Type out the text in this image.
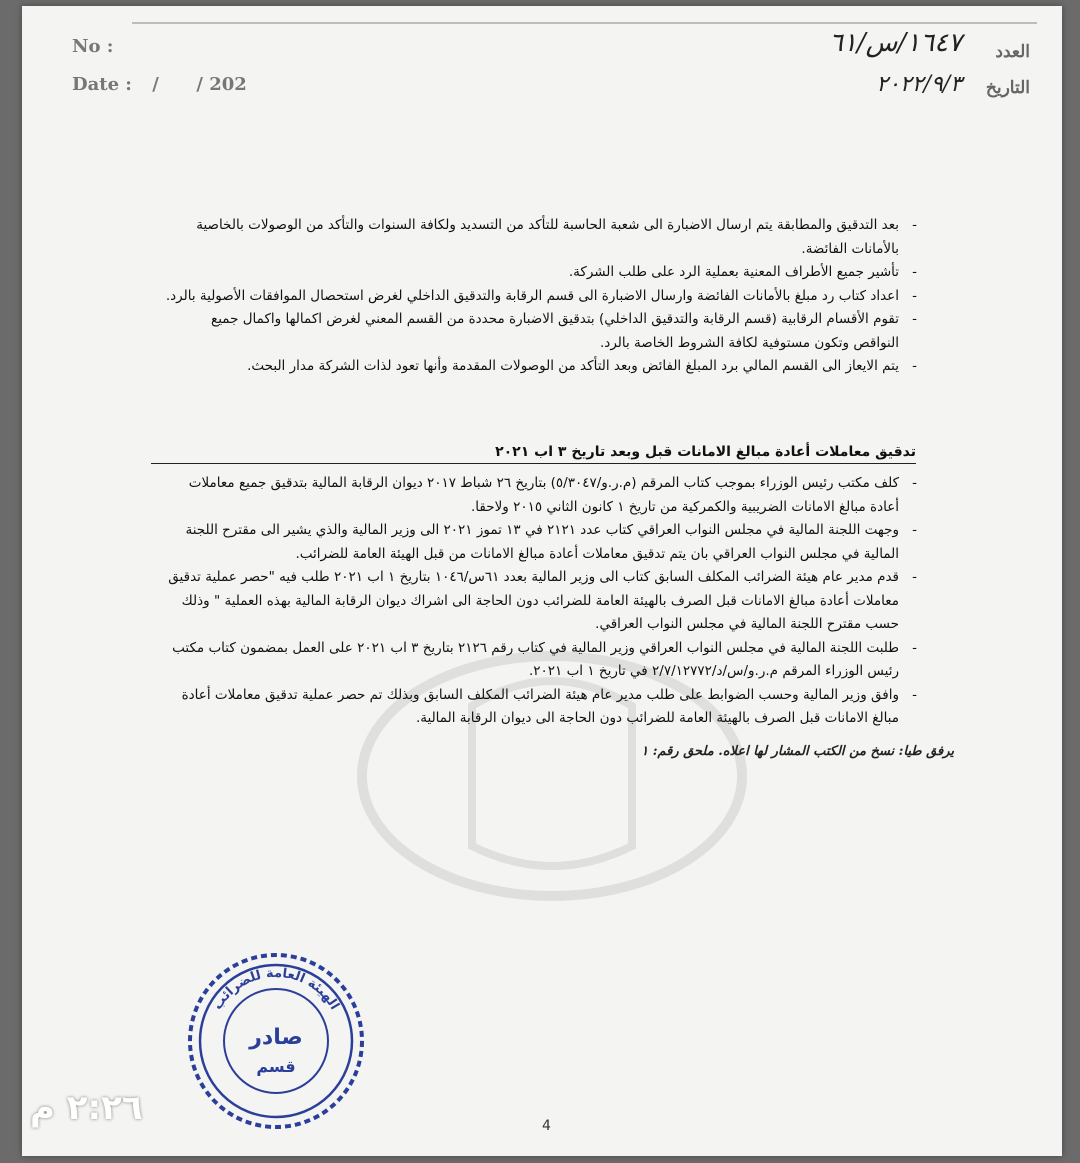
No :
Date : /      / 202
العدد
١٦٤٧/س/٦١
التاريخ
٢٠٢٢/٩/٣
- بعد التدقيق والمطابقة يتم ارسال الاضبارة الى شعبة الحاسبة للتأكد من التسديد ولكافة السنوات والتأكد من الوصولات بالخاصية بالأمانات الفائضة.
- تأشير جميع الأطراف المعنية بعملية الرد على طلب الشركة.
- اعداد كتاب رد مبلغ بالأمانات الفائضة وارسال الاضبارة الى قسم الرقابة والتدقيق الداخلي لغرض استحصال الموافقات الأصولية بالرد.
- تقوم الأقسام الرقابية (قسم الرقابة والتدقيق الداخلي) بتدقيق الاضبارة محددة من القسم المعني لغرض اكمالها واكمال جميع النواقص وتكون مستوفية لكافة الشروط الخاصة بالرد.
- يتم الايعاز الى القسم المالي برد المبلغ الفائض وبعد التأكد من الوصولات المقدمة وأنها تعود لذات الشركة مدار البحث.
تدقيق معاملات أعادة مبالغ الامانات قبل وبعد تاريخ ٣ اب ٢٠٢١
- كلف مكتب رئيس الوزراء بموجب كتاب المرقم (م.ر.و/٥/٣٠٤٧) بتاريخ ٢٦ شباط ٢٠١٧ ديوان الرقابة المالية بتدقيق جميع معاملات أعادة مبالغ الامانات الضريبية والكمركية من تاريخ ١ كانون الثاني ٢٠١٥ ولاحقا.
- وجهت اللجنة المالية في مجلس النواب العراقي كتاب عدد ٢١٢١ في ١٣ تموز ٢٠٢١ الى وزير المالية والذي يشير الى مقترح اللجنة المالية في مجلس النواب العراقي بان يتم تدقيق معاملات أعادة مبالغ الامانات من قبل الهيئة العامة للضرائب.
- قدم مدير عام هيئة الضرائب المكلف السابق كتاب الى وزير المالية بعدد ٦١س/١٠٤٦ بتاريخ ١ اب ٢٠٢١ طلب فيه "حصر عملية تدقيق معاملات أعادة مبالغ الامانات قبل الصرف بالهيئة العامة للضرائب دون الحاجة الى اشراك ديوان الرقابة المالية بهذه العملية " وذلك حسب مقترح اللجنة المالية في مجلس النواب العراقي.
- طلبت اللجنة المالية في مجلس النواب العراقي وزير المالية في كتاب رقم ٢١٢٦ بتاريخ ٣ اب ٢٠٢١ على العمل بمضمون كتاب مكتب رئيس الوزراء المرقم م.ر.و/س/د/٢/٧/١٢٧٧٢ في تاريخ ١ اب ٢٠٢١.
- وافق وزير المالية وحسب الضوابط على طلب مدير عام هيئة الضرائب المكلف السابق وبذلك تم حصر عملية تدقيق معاملات أعادة مبالغ الامانات قبل الصرف بالهيئة العامة للضرائب دون الحاجة الى ديوان الرقابة المالية.
يرفق طيا: نسخ من الكتب المشار لها اعلاه. ملحق رقم: ١
الهيئة العامة للضرائب
صادر
قسم
4
٢:٢٦ م
